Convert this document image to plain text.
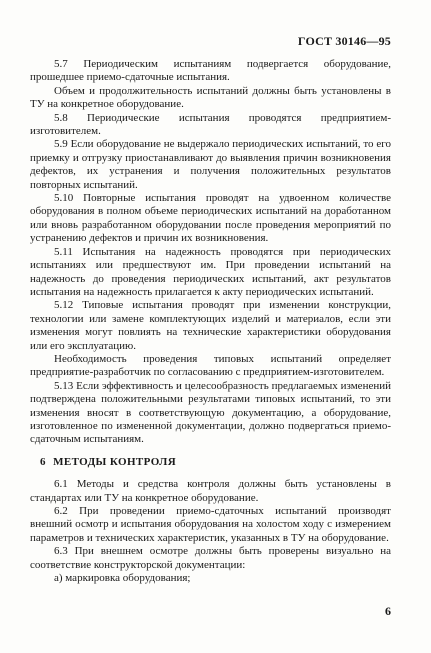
ГОСТ 30146—95

5.7 Периодическим испытаниям подвергается оборудование, прошедшее приемо-сдаточные испытания.

Объем и продолжительность испытаний должны быть установлены в ТУ на конкретное оборудование.

5.8 Периодические испытания проводятся предприятием-изготовителем.

5.9 Если оборудование не выдержало периодических испытаний, то его приемку и отгрузку приостанавливают до выявления причин возникновения дефектов, их устранения и получения положительных результатов повторных испытаний.

5.10 Повторные испытания проводят на удвоенном количестве оборудования в полном объеме периодических испытаний на доработанном или вновь разработанном оборудовании после проведения мероприятий по устранению дефектов и причин их возникновения.

5.11 Испытания на надежность проводятся при периодических испытаниях или предшествуют им. При проведении испытаний на надежность до проведения периодических испытаний, акт результатов испытания на надежность прилагается к акту периодических испытаний.

5.12 Типовые испытания проводят при изменении конструкции, технологии или замене комплектующих изделий и материалов, если эти изменения могут повлиять на технические характеристики оборудования или его эксплуатацию.

Необходимость проведения типовых испытаний определяет предприятие-разработчик по согласованию с предприятием-изготовителем.

5.13 Если эффективность и целесообразность предлагаемых изменений подтверждена положительными результатами типовых испытаний, то эти изменения вносят в соответствующую документацию, а оборудование, изготовленное по измененной документации, должно подвергаться приемо-сдаточным испытаниям.

6 МЕТОДЫ КОНТРОЛЯ

6.1 Методы и средства контроля должны быть установлены в стандартах или ТУ на конкретное оборудование.

6.2 При проведении приемо-сдаточных испытаний производят внешний осмотр и испытания оборудования на холостом ходу с измерением параметров и технических характеристик, указанных в ТУ на оборудование.

6.3 При внешнем осмотре должны быть проверены визуально на соответствие конструкторской документации:

а) маркировка оборудования;

6
